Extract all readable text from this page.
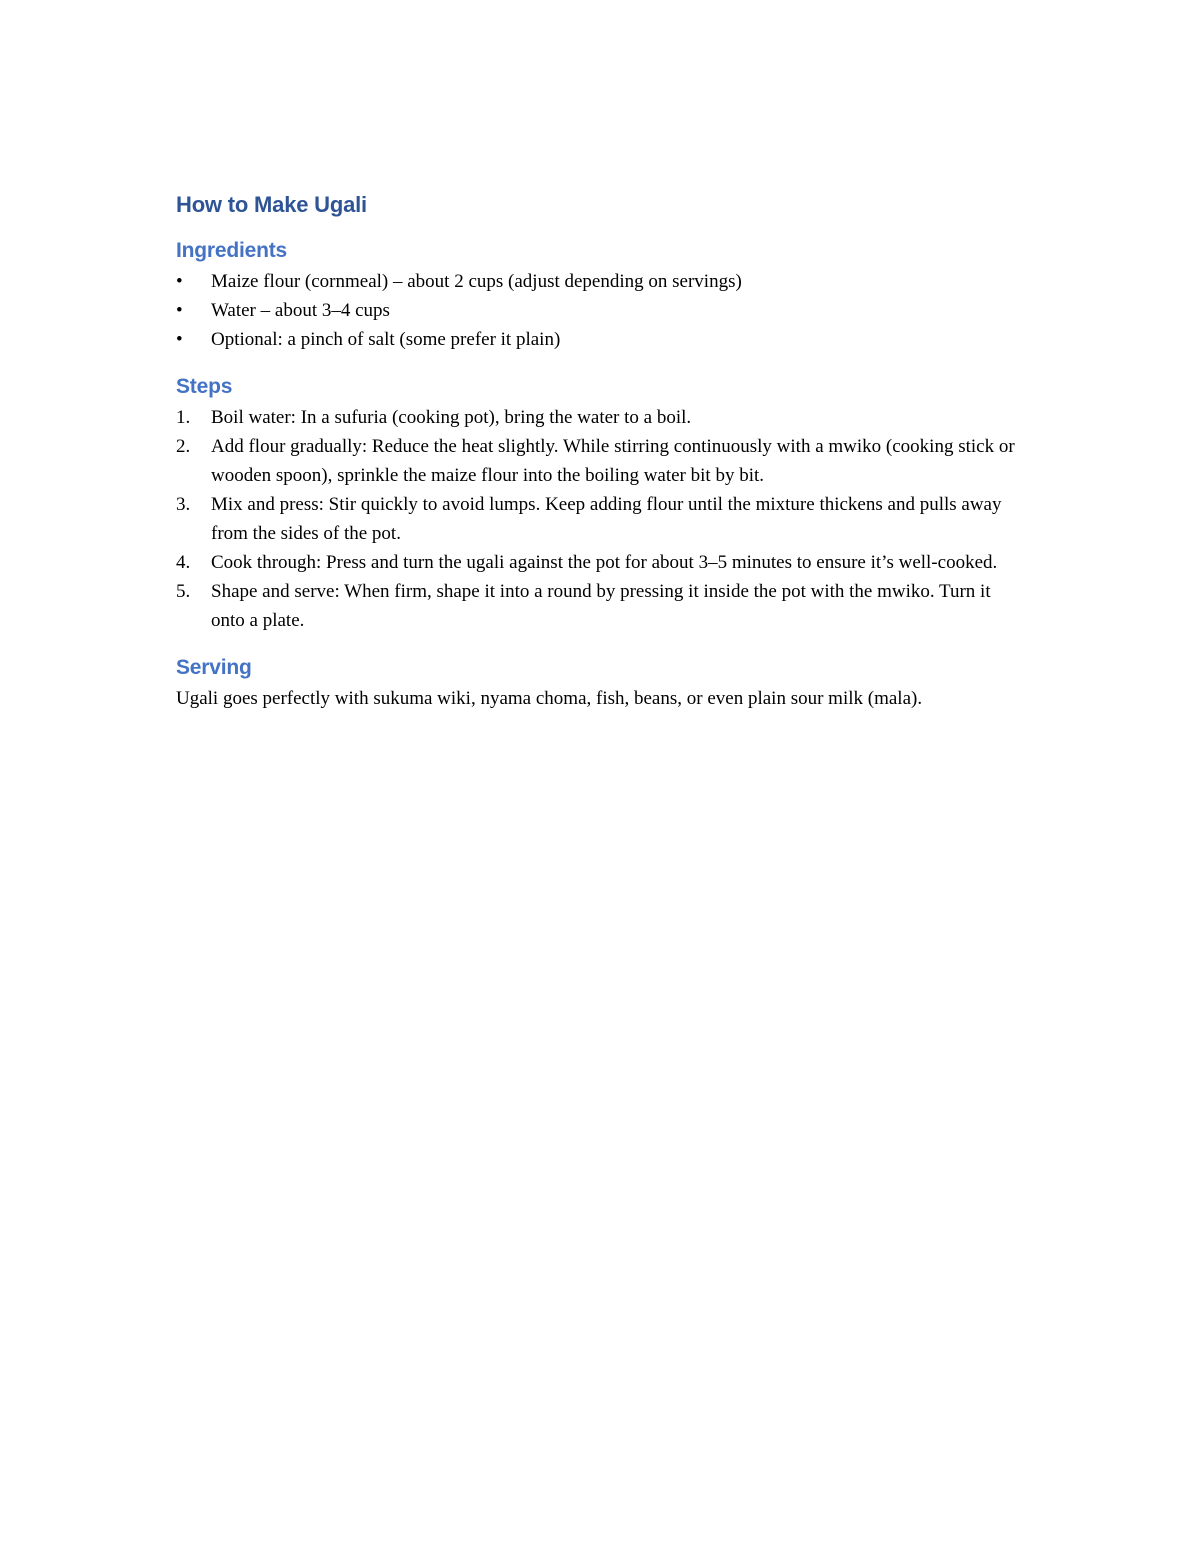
How to Make Ugali
Ingredients
•	Maize flour (cornmeal) – about 2 cups (adjust depending on servings)
•	Water – about 3–4 cups
•	Optional: a pinch of salt (some prefer it plain)
Steps
1.	Boil water: In a sufuria (cooking pot), bring the water to a boil.
2.	Add flour gradually: Reduce the heat slightly. While stirring continuously with a mwiko (cooking stick or wooden spoon), sprinkle the maize flour into the boiling water bit by bit.
3.	Mix and press: Stir quickly to avoid lumps. Keep adding flour until the mixture thickens and pulls away from the sides of the pot.
4.	Cook through: Press and turn the ugali against the pot for about 3–5 minutes to ensure it’s well-cooked.
5.	Shape and serve: When firm, shape it into a round by pressing it inside the pot with the mwiko. Turn it onto a plate.
Serving

Ugali goes perfectly with sukuma wiki, nyama choma, fish, beans, or even plain sour milk (mala).
